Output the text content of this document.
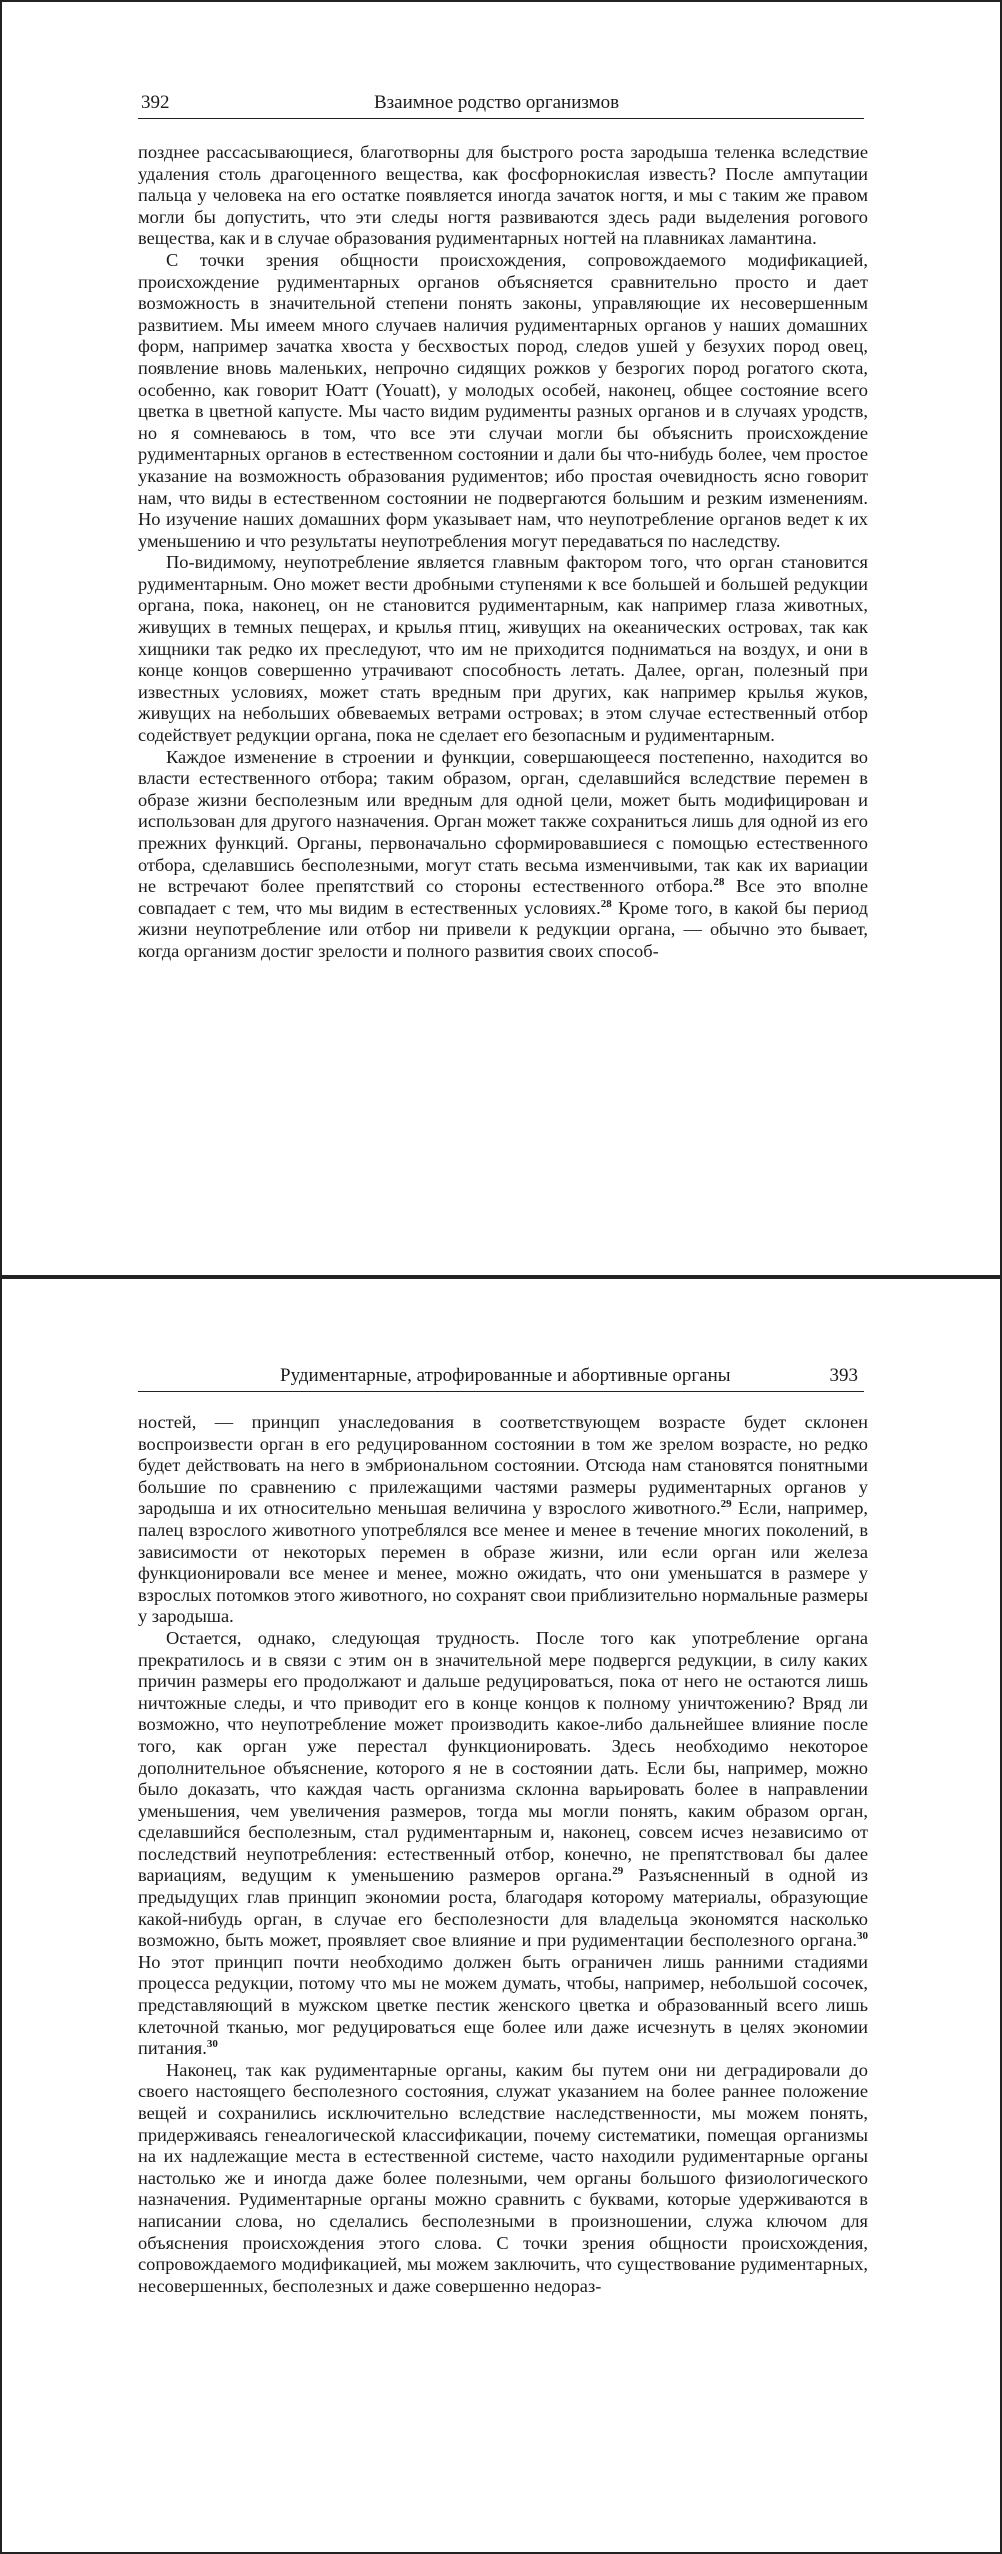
392	Взаимное родство организмов

позднее рассасывающиеся, благотворны для быстрого роста зародыша теленка вследствие удаления столь драгоценного вещества, как фосфорнокислая известь? После ампутации пальца у человека на его остатке появляется иногда зачаток ногтя, и мы с таким же правом могли бы допустить, что эти следы ногтя развиваются здесь ради выделения рогового вещества, как и в случае образования рудиментарных ногтей на плавниках ламантина.

С точки зрения общности происхождения, сопровождаемого модификацией, происхождение рудиментарных органов объясняется сравнительно просто и дает возможность в значительной степени понять законы, управляющие их несовершенным развитием. Мы имеем много случаев наличия рудиментарных органов у наших домашних форм, например зачатка хвоста у бесхвостых пород, следов ушей у безухих пород овец, появление вновь маленьких, непрочно сидящих рожков у безрогих пород рогатого скота, особенно, как говорит Юатт (Youatt), у молодых особей, наконец, общее состояние всего цветка в цветной капусте. Мы часто видим рудименты разных органов и в случаях уродств, но я сомневаюсь в том, что все эти случаи могли бы объяснить происхождение рудиментарных органов в естественном состоянии и дали бы что-нибудь более, чем простое указание на возможность образования рудиментов; ибо простая очевидность ясно говорит нам, что виды в естественном состоянии не подвергаются большим и резким изменениям. Но изучение наших домашних форм указывает нам, что неупотребление органов ведет к их уменьшению и что результаты неупотребления могут передаваться по наследству.

По-видимому, неупотребление является главным фактором того, что орган становится рудиментарным. Оно может вести дробными ступенями к все большей и большей редукции органа, пока, наконец, он не становится рудиментарным, как например глаза животных, живущих в темных пещерах, и крылья птиц, живущих на океанических островах, так как хищники так редко их преследуют, что им не приходится подниматься на воздух, и они в конце концов совершенно утрачивают способность летать. Далее, орган, полезный при известных условиях, может стать вредным при других, как например крылья жуков, живущих на небольших обвеваемых ветрами островах; в этом случае естественный отбор содействует редукции органа, пока не сделает его безопасным и рудиментарным.

Каждое изменение в строении и функции, совершающееся постепенно, находится во власти естественного отбора; таким образом, орган, сделавшийся вследствие перемен в образе жизни бесполезным или вредным для одной цели, может быть модифицирован и использован для другого назначения. Орган может также сохраниться лишь для одной из его прежних функций. Органы, первоначально сформировавшиеся с помощью естественного отбора, сделавшись бесполезными, могут стать весьма изменчивыми, так как их вариации не встречают более препятствий со стороны естественного отбора.$^{28}$ Все это вполне совпадает с тем, что мы видим в естественных условиях.$^{28}$ Кроме того, в какой бы период жизни неупотребление или отбор ни привели к редукции органа, — обычно это бывает, когда организм достиг зрелости и полного развития своих способ-

Рудиментарные, атрофированные и абортивные органы	393

ностей, — принцип унаследования в соответствующем возрасте будет склонен воспроизвести орган в его редуцированном состоянии в том же зрелом возрасте, но редко будет действовать на него в эмбриональном состоянии. Отсюда нам становятся понятными большие по сравнению с прилежащими частями размеры рудиментарных органов у зародыша и их относительно меньшая величина у взрослого животного.$^{29}$ Если, например, палец взрослого животного употреблялся все менее и менее в течение многих поколений, в зависимости от некоторых перемен в образе жизни, или если орган или железа функционировали все менее и менее, можно ожидать, что они уменьшатся в размере у взрослых потомков этого животного, но сохранят свои приблизительно нормальные размеры у зародыша.

Остается, однако, следующая трудность. После того как употребление органа прекратилось и в связи с этим он в значительной мере подвергся редукции, в силу каких причин размеры его продолжают и дальше редуцироваться, пока от него не остаются лишь ничтожные следы, и что приводит его в конце концов к полному уничтожению? Вряд ли возможно, что неупотребление может производить какое-либо дальнейшее влияние после того, как орган уже перестал функционировать. Здесь необходимо некоторое дополнительное объяснение, которого я не в состоянии дать. Если бы, например, можно было доказать, что каждая часть организма склонна варьировать более в направлении уменьшения, чем увеличения размеров, тогда мы могли понять, каким образом орган, сделавшийся бесполезным, стал рудиментарным и, наконец, совсем исчез независимо от последствий неупотребления: естественный отбор, конечно, не препятствовал бы далее вариациям, ведущим к уменьшению размеров органа.$^{29}$ Разъясненный в одной из предыдущих глав принцип экономии роста, благодаря которому материалы, образующие какой-нибудь орган, в случае его бесполезности для владельца экономятся насколько возможно, быть может, проявляет свое влияние и при рудиментации бесполезного органа.$^{30}$ Но этот принцип почти необходимо должен быть ограничен лишь ранними стадиями процесса редукции, потому что мы не можем думать, чтобы, например, небольшой сосочек, представляющий в мужском цветке пестик женского цветка и образованный всего лишь клеточной тканью, мог редуцироваться еще более или даже исчезнуть в целях экономии питания.$^{30}$

Наконец, так как рудиментарные органы, каким бы путем они ни деградировали до своего настоящего бесполезного состояния, служат указанием на более раннее положение вещей и сохранились исключительно вследствие наследственности, мы можем понять, придерживаясь генеалогической классификации, почему систематики, помещая организмы на их надлежащие места в естественной системе, часто находили рудиментарные органы настолько же и иногда даже более полезными, чем органы большого физиологического назначения. Рудиментарные органы можно сравнить с буквами, которые удерживаются в написании слова, но сделались бесполезными в произношении, служа ключом для объяснения происхождения этого слова. С точки зрения общности происхождения, сопровождаемого модификацией, мы можем заключить, что существование рудиментарных, несовершенных, бесполезных и даже совершенно недораз-
